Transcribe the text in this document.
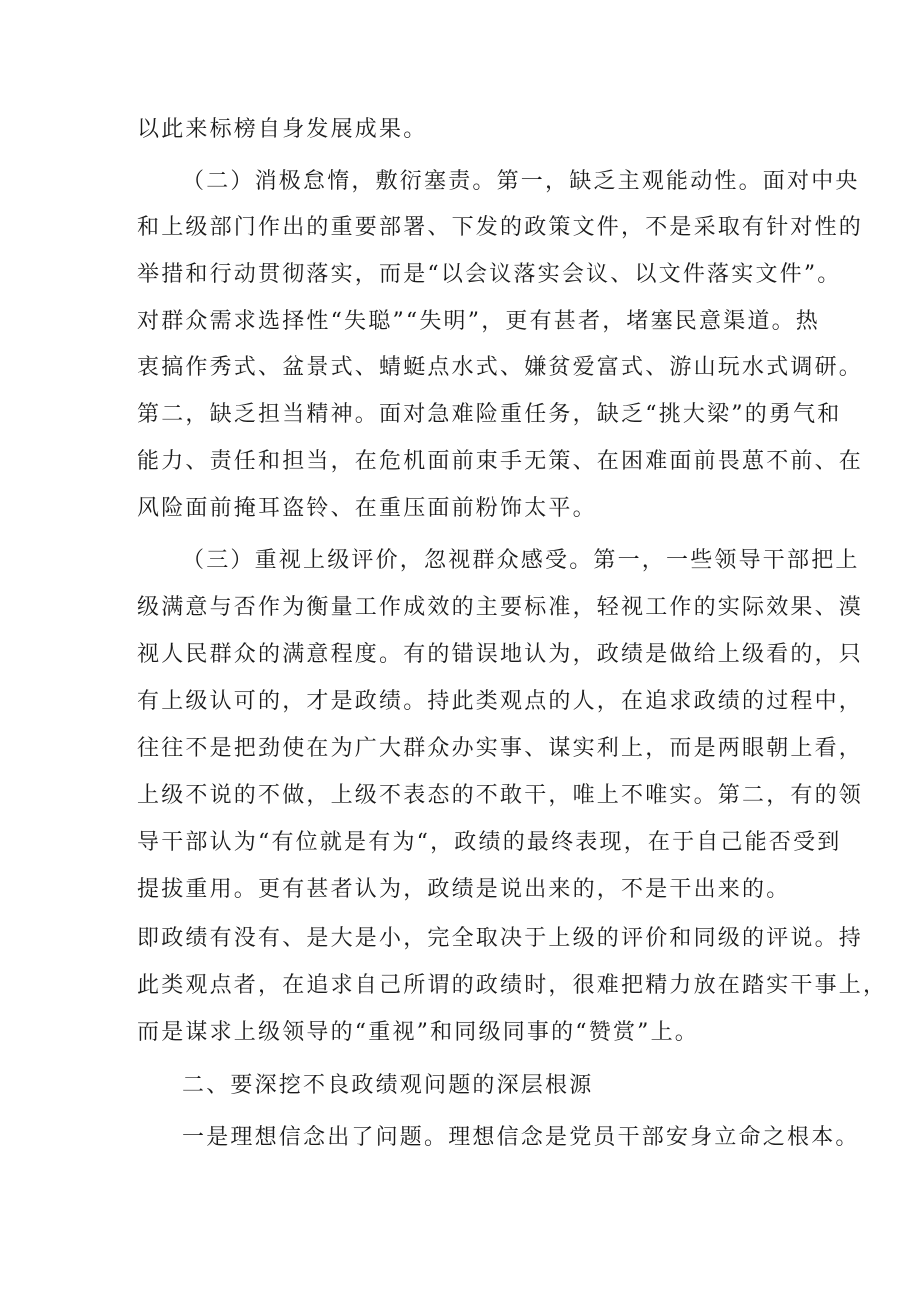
以此来标榜自身发展成果。
（二）消极怠惰，敷衍塞责。第一，缺乏主观能动性。面对中央
和上级部门作出的重要部署、下发的政策文件，不是采取有针对性的
举措和行动贯彻落实，而是“以会议落实会议、以文件落实文件”。
对群众需求选择性“失聪”“失明”，更有甚者，堵塞民意渠道。热
衷搞作秀式、盆景式、蜻蜓点水式、嫌贫爱富式、游山玩水式调研。
第二，缺乏担当精神。面对急难险重任务，缺乏“挑大梁”的勇气和
能力、责任和担当，在危机面前束手无策、在困难面前畏葸不前、在
风险面前掩耳盗铃、在重压面前粉饰太平。
（三）重视上级评价，忽视群众感受。第一，一些领导干部把上
级满意与否作为衡量工作成效的主要标准，轻视工作的实际效果、漠
视人民群众的满意程度。有的错误地认为，政绩是做给上级看的，只
有上级认可的，才是政绩。持此类观点的人，在追求政绩的过程中，
往往不是把劲使在为广大群众办实事、谋实利上，而是两眼朝上看，
上级不说的不做，上级不表态的不敢干，唯上不唯实。第二，有的领
导干部认为“有位就是有为“，政绩的最终表现，在于自己能否受到
提拔重用。更有甚者认为，政绩是说出来的，不是干出来的。
即政绩有没有、是大是小，完全取决于上级的评价和同级的评说。持
此类观点者，在追求自己所谓的政绩时，很难把精力放在踏实干事上，
而是谋求上级领导的“重视”和同级同事的“赞赏”上。
二、要深挖不良政绩观问题的深层根源
一是理想信念出了问题。理想信念是党员干部安身立命之根本。
